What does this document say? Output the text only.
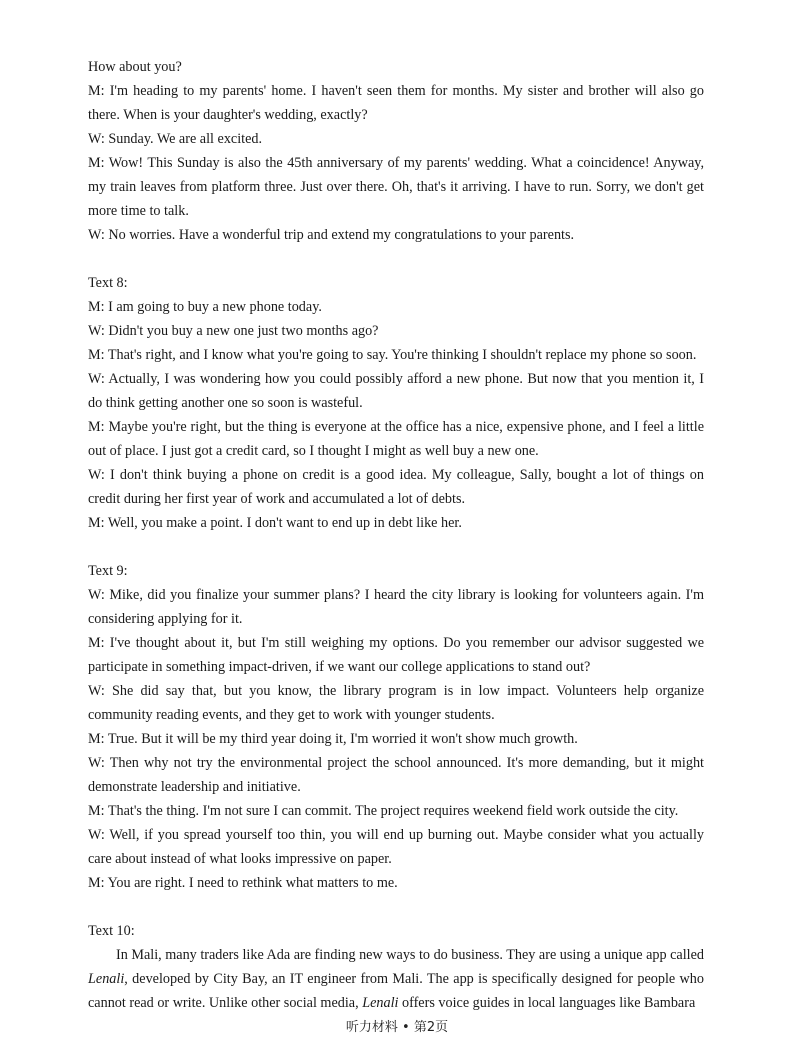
How about you?

M: I'm heading to my parents' home. I haven't seen them for months. My sister and brother will also go there. When is your daughter's wedding, exactly?

W: Sunday. We are all excited.

M: Wow! This Sunday is also the 45th anniversary of my parents' wedding. What a coincidence! Anyway, my train leaves from platform three. Just over there. Oh, that's it arriving. I have to run. Sorry, we don't get more time to talk.

W: No worries. Have a wonderful trip and extend my congratulations to your parents.

Text 8:

M: I am going to buy a new phone today.

W: Didn't you buy a new one just two months ago?

M: That's right, and I know what you're going to say. You're thinking I shouldn't replace my phone so soon.

W: Actually, I was wondering how you could possibly afford a new phone. But now that you mention it, I do think getting another one so soon is wasteful.

M: Maybe you're right, but the thing is everyone at the office has a nice, expensive phone, and I feel a little out of place. I just got a credit card, so I thought I might as well buy a new one.

W: I don't think buying a phone on credit is a good idea. My colleague, Sally, bought a lot of things on credit during her first year of work and accumulated a lot of debts.

M: Well, you make a point. I don't want to end up in debt like her.

Text 9:

W: Mike, did you finalize your summer plans? I heard the city library is looking for volunteers again. I'm considering applying for it.

M: I've thought about it, but I'm still weighing my options. Do you remember our advisor suggested we participate in something impact-driven, if we want our college applications to stand out?

W: She did say that, but you know, the library program is in low impact. Volunteers help organize community reading events, and they get to work with younger students.

M: True. But it will be my third year doing it, I'm worried it won't show much growth.

W: Then why not try the environmental project the school announced. It's more demanding, but it might demonstrate leadership and initiative.

M: That's the thing. I'm not sure I can commit. The project requires weekend field work outside the city.

W: Well, if you spread yourself too thin, you will end up burning out. Maybe consider what you actually care about instead of what looks impressive on paper.

M: You are right. I need to rethink what matters to me.

Text 10:

In Mali, many traders like Ada are finding new ways to do business. They are using a unique app called Lenali, developed by City Bay, an IT engineer from Mali. The app is specifically designed for people who cannot read or write. Unlike other social media, Lenali offers voice guides in local languages like Bambara

听力材料 • 第2页
